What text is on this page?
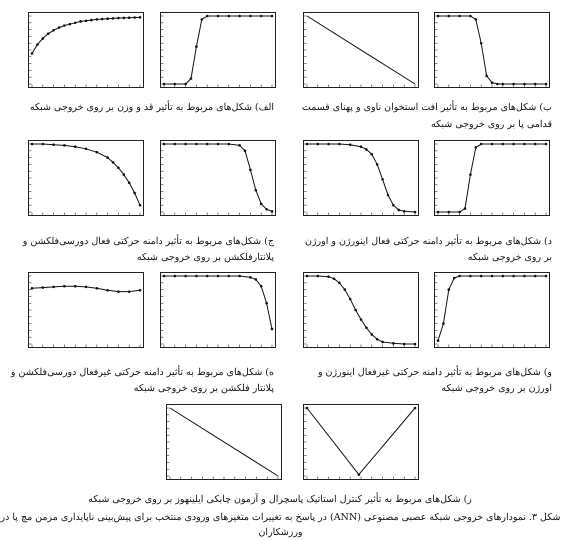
الف) شکل‌های مربوط به تأثیر قد و وزن بر روی خروجی شبکه	ب) شکل‌های مربوط به تأثیر افت استخوان ناوی و پهنای قسمت
قدامی پا بر روی خروجی شبکه
ج) شکل‌های مربوط به تأثیر دامنه حرکتی فعال دورسی‌فلکشن و
پلانتارفلکشن بر روی خروجی شبکه
د) شکل‌های مربوط به تأثیر دامنه حرکتی فعال اینورژن و اورژن
بر روی خروجی شبکه
ه) شکل‌های مربوط به تأثیر دامنه حرکتی غیرفعال دورسی‌فلکشن و
پلانتار فلکشن بر روی خروجی شبکه
و) شکل‌های مربوط به تأثیر دامنه حرکتی غیرفعال اینورژن و
اورژن بر روی خروجی شبکه
ز) شکل‌های مربوط به تأثیر کنترل استاتیک پاسچرال و آزمون چابکی ایلینهوز بر روی خروجی شبکه
شکل ۳. نمودارهای خروجی شبکه عصبی مصنوعی (ANN) در پاسخ به تغییرات متغیرهای ورودی منتخب برای پیش‌بینی ناپایداری مزمن مچ پا در ورزشکاران
